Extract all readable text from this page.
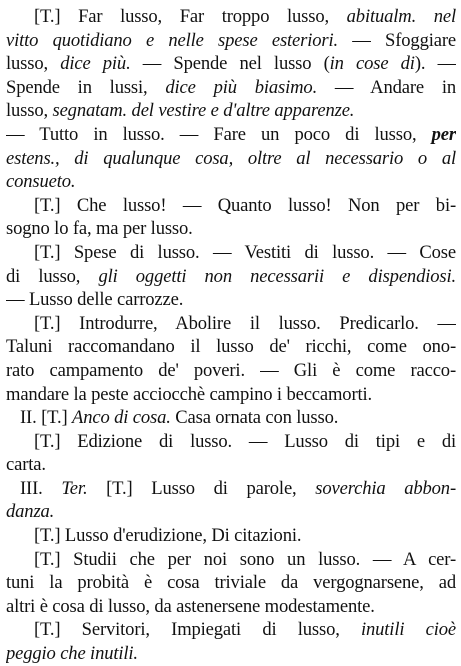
[T.] Far lusso, Far troppo lusso, abitualm. nel
vitto quotidiano e nelle spese esteriori. — Sfoggiare
lusso, dice più. — Spende nel lusso (in cose di). —
Spende in lussi, dice più biasimo. — Andare in
lusso, segnatam. del vestire e d'altre apparenze.
— Tutto in lusso. — Fare un poco di lusso, per
estens., di qualunque cosa, oltre al necessario o al
consueto.
[T.] Che lusso! — Quanto lusso! Non per bi-
sogno lo fa, ma per lusso.
[T.] Spese di lusso. — Vestiti di lusso. — Cose
di lusso, gli oggetti non necessarii e dispendiosi.
— Lusso delle carrozze.
[T.] Introdurre, Abolire il lusso. Predicarlo. —
Taluni raccomandano il lusso de' ricchi, come ono-
rato campamento de' poveri. — Gli è come racco-
mandare la peste acciocchè campino i beccamorti.
II. [T.] Anco di cosa. Casa ornata con lusso.
[T.] Edizione di lusso. — Lusso di tipi e di
carta.
III. Ter. [T.] Lusso di parole, soverchia abbon-
danza.
[T.] Lusso d'erudizione, Di citazioni.
[T.] Studii che per noi sono un lusso. — A cer-
tuni la probità è cosa triviale da vergognarsene, ad
altri è cosa di lusso, da astenersene modestamente.
[T.] Servitori, Impiegati di lusso, inutili cioè
peggio che inutili.
